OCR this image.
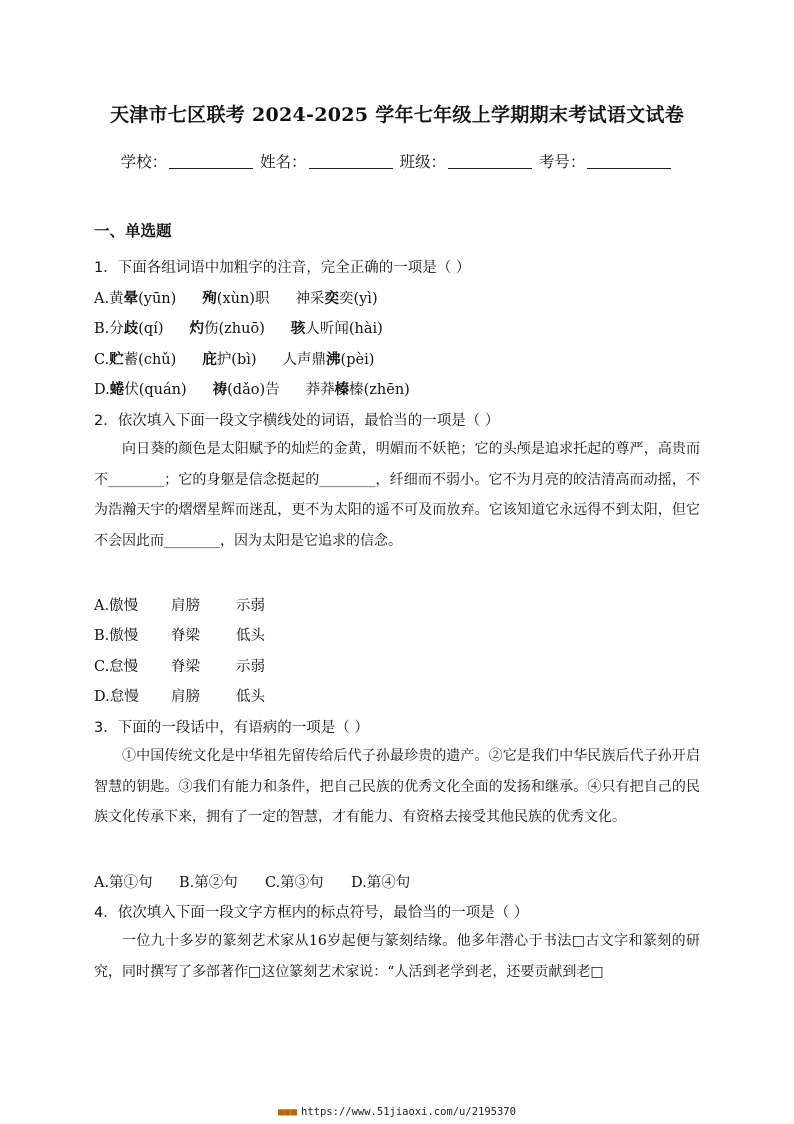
天津市七区联考 2024-2025 学年七年级上学期期末考试语文试卷
学校：	姓名：	班级：	考号：
一、单选题
1．下面各组词语中加粗字的注音，完全正确的一项是（ ）
A.黄晕(yūn) 殉(xùn)职 神采奕奕(yì)
B.分歧(qí) 灼伤(zhuō) 骇人听闻(hài)
C.贮蓄(chǔ) 庇护(bì) 人声鼎沸(pèi)
D.蜷伏(quán) 祷(dǎo)告 莽莽榛榛(zhēn)
2．依次填入下面一段文字横线处的词语，最恰当的一项是（ ）
向日葵的颜色是太阳赋予的灿烂的金黄，明媚而不妖艳；它的头颅是追求托起的尊严，高贵而不________；它的身躯是信念挺起的________，纤细而不弱小。它不为月亮的皎洁清高而动摇，不为浩瀚天宇的熠熠星辉而迷乱，更不为太阳的遥不可及而放弃。它该知道它永远得不到太阳，但它不会因此而________，因为太阳是它追求的信念。
A.傲慢 肩膀 示弱
B.傲慢 脊梁 低头
C.怠慢 脊梁 示弱
D.怠慢 肩膀 低头
3．下面的一段话中，有语病的一项是（ ）
①中国传统文化是中华祖先留传给后代子孙最珍贵的遗产。②它是我们中华民族后代子孙开启智慧的钥匙。③我们有能力和条件，把自己民族的优秀文化全面的发扬和继承。④只有把自己的民族文化传承下来，拥有了一定的智慧，才有能力、有资格去接受其他民族的优秀文化。
A.第①句 B.第②句 C.第③句 D.第④句
4．依次填入下面一段文字方框内的标点符号，最恰当的一项是（ ）
一位九十多岁的篆刻艺术家从16岁起便与篆刻结缘。他多年潜心于书法□古文字和篆刻的研究，同时撰写了多部著作□这位篆刻艺术家说：“人活到老学到老，还要贡献到老□
■■■ https://www.51jiaoxi.com/u/2195370
